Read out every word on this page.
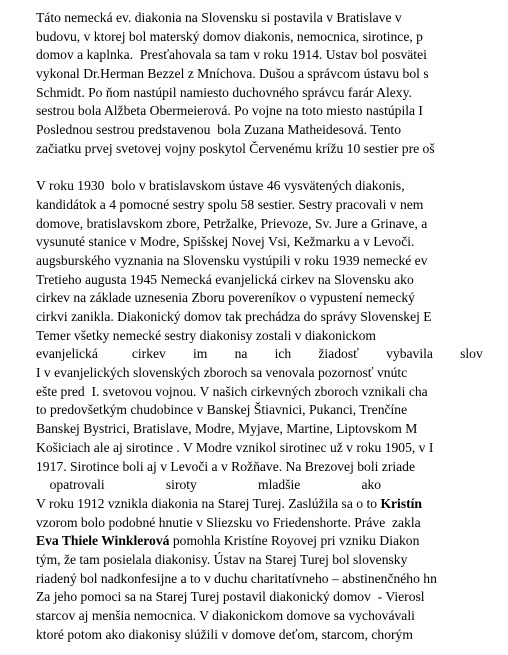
Táto nemecká ev. diakonia na Slovensku si postavila v Bratislave v
budovu, v ktorej bol materský domov diakonis, nemocnica, sirotince, p
domov a kaplnka.  Presťahovala sa tam v roku 1914. Ustav bol posvätei
vykonal Dr.Herman Bezzel z Mníchova. Dušou a správcom ústavu bol s
Schmidt. Po ňom nastúpil namiesto duchovného správcu farár Alexy.
sestrou bola Alžbeta Obermeierová. Po vojne na toto miesto nastúpila I
Poslednou sestrou predstavenou  bola Zuzana Matheidesová. Tento
začiatku prvej svetovej vojny poskytol Červenému krížu 10 sestier pre oš
V roku 1930  bolo v bratislavskom ústave 46 vysvätených diakonis,
kandidátok a 4 pomocné sestry spolu 58 sestier. Sestry pracovali v nem
domove, bratislavskom zbore, Petržalke, Prievoze, Sv. Jure a Grinave, a
vysunuté stanice v Modre, Spišskej Novej Vsi, Kežmarku a v Levoči.
augsburského vyznania na Slovensku vystúpili v roku 1939 nemecké ev
Tretieho augusta 1945 Nemecká evanjelická cirkev na Slovensku ako
cirkev na základe uznesenia Zboru povereníkov o vypustení nemecký
cirkvi zanikla. Diakonický domov tak prechádza do správy Slovenskej E
Temer všetky nemecké sestry diakonisy zostali v diakonickom
evanjelická          cirkev        im        na        ich        žiadosť        vybavila        slov
I v evanjelických slovenských zboroch sa venovala pozornosť vnútc
ešte pred  I. svetovou vojnou. V našich cirkevných zboroch vznikali cha
to predovšetkým chudobince v Banskej Štiavnici, Pukanci, Trenčíne
Banskej Bystrici, Bratislave, Modre, Myjave, Martine, Liptovskom M
Košiciach ale aj sirotince . V Modre vznikol sirotinec už v roku 1905, v I
1917. Sirotince boli aj v Levoči a v Rožňave. Na Brezovej boli zriade
opatrovali                  siroty                  mladšie                  ako
V roku 1912 vznikla diakonia na Starej Turej. Zaslúžila sa o to Kristín
vzorom bolo podobné hnutie v Sliezsku vo Friedenshorte. Práve  zakla
Eva Thiele Winklerová pomohla Kristíne Royovej pri vzniku Diakon
tým, že tam posielala diakonisy. Ústav na Starej Turej bol slovensky
riadený bol nadkonfesijne a to v duchu charitatívneho – abstinenčného hn
Za jeho pomoci sa na Starej Turej postavil diakonický domov  - Vierosl
starcov aj menšia nemocnica. V diakonickom domove sa vychovávali
ktoré potom ako diakonisy slúžili v domove deťom, starcom, chorým
